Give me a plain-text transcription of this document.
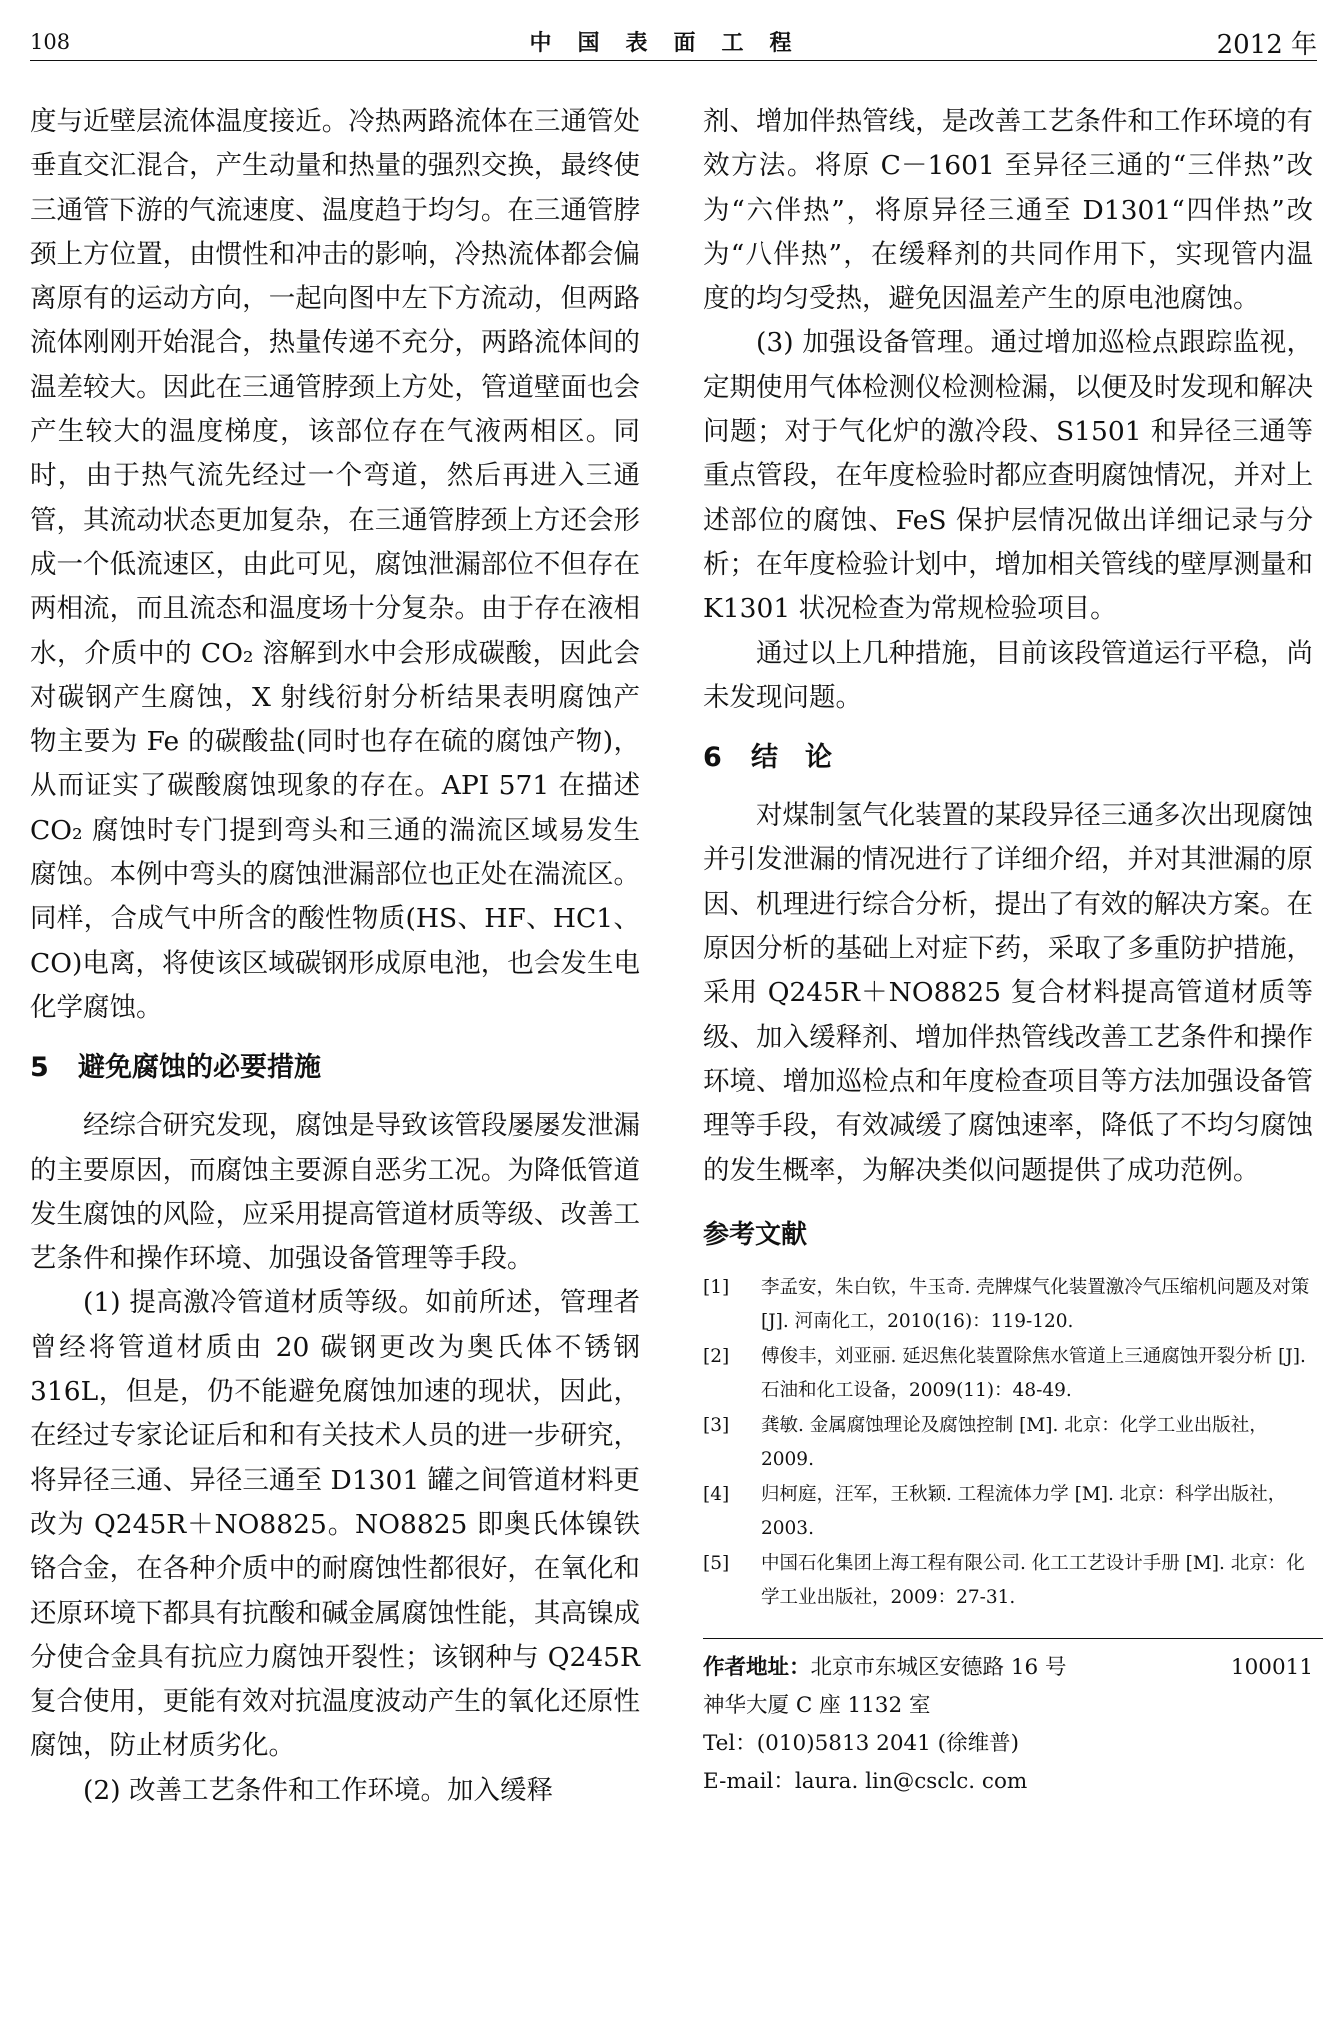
108	中国表面工程	2012 年

度与近壁层流体温度接近。冷热两路流体在三通管处垂直交汇混合，产生动量和热量的强烈交换，最终使三通管下游的气流速度、温度趋于均匀。在三通管脖颈上方位置，由惯性和冲击的影响，冷热流体都会偏离原有的运动方向，一起向图中左下方流动，但两路流体刚刚开始混合，热量传递不充分，两路流体间的温差较大。因此在三通管脖颈上方处，管道壁面也会产生较大的温度梯度，该部位存在气液两相区。同时，由于热气流先经过一个弯道，然后再进入三通管，其流动状态更加复杂，在三通管脖颈上方还会形成一个低流速区，由此可见，腐蚀泄漏部位不但存在两相流，而且流态和温度场十分复杂。由于存在液相水，介质中的 CO₂ 溶解到水中会形成碳酸，因此会对碳钢产生腐蚀，X 射线衍射分析结果表明腐蚀产物主要为 Fe 的碳酸盐(同时也存在硫的腐蚀产物)，从而证实了碳酸腐蚀现象的存在。API 571 在描述 CO₂ 腐蚀时专门提到弯头和三通的湍流区域易发生腐蚀。本例中弯头的腐蚀泄漏部位也正处在湍流区。同样，合成气中所含的酸性物质(HS、HF、HC1、CO)电离，将使该区域碳钢形成原电池，也会发生电化学腐蚀。

5 避免腐蚀的必要措施

经综合研究发现，腐蚀是导致该管段屡屡发泄漏的主要原因，而腐蚀主要源自恶劣工况。为降低管道发生腐蚀的风险，应采用提高管道材质等级、改善工艺条件和操作环境、加强设备管理等手段。

(1) 提高激冷管道材质等级。如前所述，管理者曾经将管道材质由 20 碳钢更改为奥氏体不锈钢 316L，但是，仍不能避免腐蚀加速的现状，因此，在经过专家论证后和和有关技术人员的进一步研究，将异径三通、异径三通至 D1301 罐之间管道材料更改为 Q245R＋NO8825。NO8825 即奥氏体镍铁铬合金，在各种介质中的耐腐蚀性都很好，在氧化和还原环境下都具有抗酸和碱金属腐蚀性能，其高镍成分使合金具有抗应力腐蚀开裂性；该钢种与 Q245R 复合使用，更能有效对抗温度波动产生的氧化还原性腐蚀，防止材质劣化。

(2) 改善工艺条件和工作环境。加入缓释

剂、增加伴热管线，是改善工艺条件和工作环境的有效方法。将原 C－1601 至异径三通的“三伴热”改为“六伴热”，将原异径三通至 D1301“四伴热”改为“八伴热”，在缓释剂的共同作用下，实现管内温度的均匀受热，避免因温差产生的原电池腐蚀。

(3) 加强设备管理。通过增加巡检点跟踪监视，定期使用气体检测仪检测检漏，以便及时发现和解决问题；对于气化炉的激冷段、S1501 和异径三通等重点管段，在年度检验时都应查明腐蚀情况，并对上述部位的腐蚀、FeS 保护层情况做出详细记录与分析；在年度检验计划中，增加相关管线的壁厚测量和 K1301 状况检查为常规检验项目。

通过以上几种措施，目前该段管道运行平稳，尚未发现问题。

6 结　论

对煤制氢气化装置的某段异径三通多次出现腐蚀并引发泄漏的情况进行了详细介绍，并对其泄漏的原因、机理进行综合分析，提出了有效的解决方案。在原因分析的基础上对症下药，采取了多重防护措施，采用 Q245R＋NO8825 复合材料提高管道材质等级、加入缓释剂、增加伴热管线改善工艺条件和操作环境、增加巡检点和年度检查项目等方法加强设备管理等手段，有效减缓了腐蚀速率，降低了不均匀腐蚀的发生概率，为解决类似问题提供了成功范例。

参考文献
[1] 李孟安，朱白钦，牛玉奇. 壳牌煤气化装置激冷气压缩机问题及对策 [J]. 河南化工，2010(16)：119-120.
[2] 傅俊丰，刘亚丽. 延迟焦化装置除焦水管道上三通腐蚀开裂分析 [J]. 石油和化工设备，2009(11)：48-49.
[3] 龚敏. 金属腐蚀理论及腐蚀控制 [M]. 北京：化学工业出版社，2009.
[4] 归柯庭，汪军，王秋颖. 工程流体力学 [M]. 北京：科学出版社，2003.
[5] 中国石化集团上海工程有限公司. 化工工艺设计手册 [M]. 北京：化学工业出版社，2009：27-31.

作者地址：北京市东城区安德路 16 号	100011

神华大厦 C 座 1132 室

Tel：(010)5813 2041 (徐维普)

E-mail：laura. lin@csclc. com
